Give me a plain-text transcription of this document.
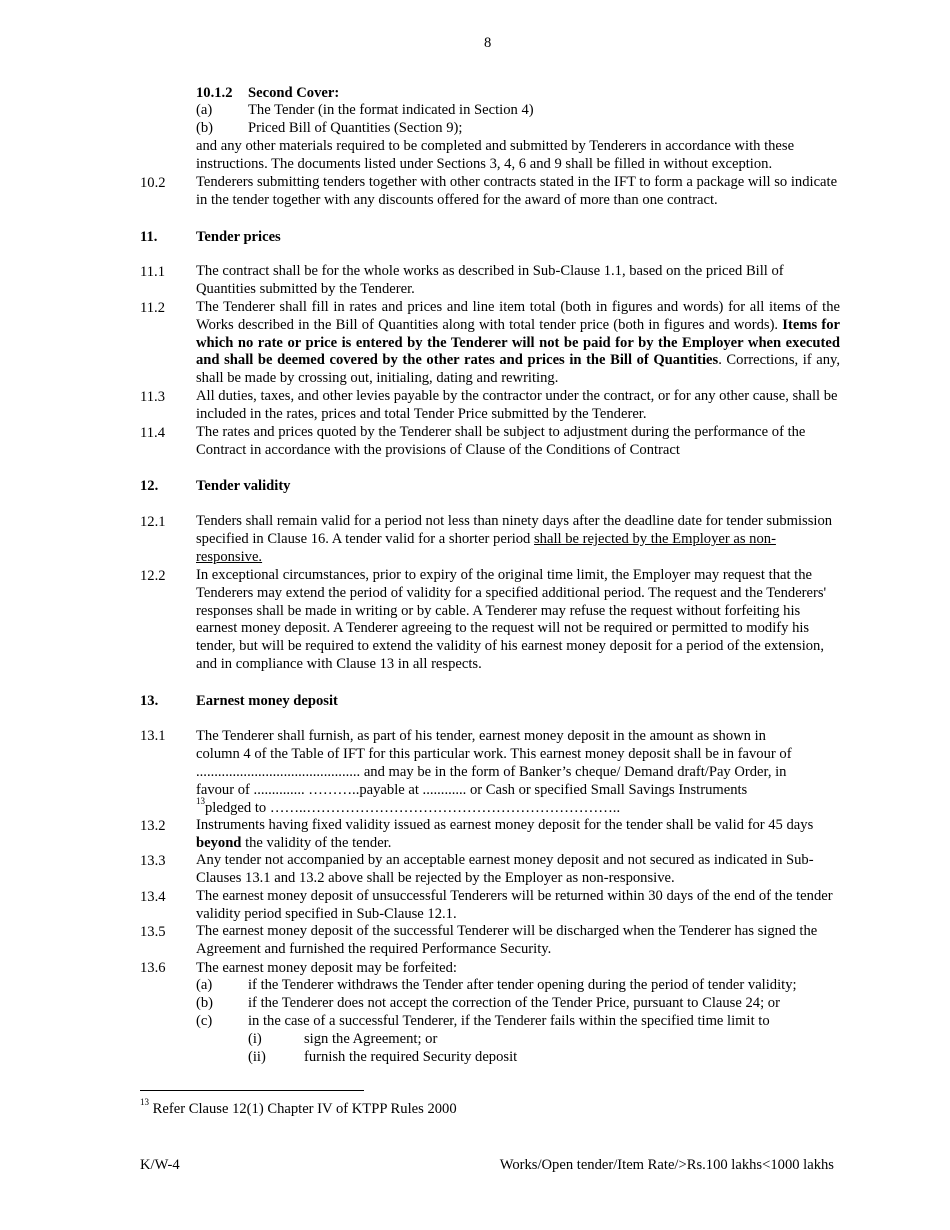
8
10.1.2 Second Cover:
(a) The Tender (in the format indicated in Section 4)
(b) Priced Bill of Quantities (Section 9);
and any other materials required to be completed and submitted by Tenderers in accordance with these instructions. The documents listed under Sections 3, 4, 6 and 9 shall be filled in without exception.
10.2 Tenderers submitting tenders together with other contracts stated in the IFT to form a package will so indicate in the tender together with any discounts offered for the award of more than one contract.
11.	Tender prices
11.1 The contract shall be for the whole works as described in Sub-Clause 1.1, based on the priced Bill of Quantities submitted by the Tenderer.
11.2 The Tenderer shall fill in rates and prices and line item total (both in figures and words) for all items of the Works described in the Bill of Quantities along with total tender price (both in figures and words). Items for which no rate or price is entered by the Tenderer will not be paid for by the Employer when executed and shall be deemed covered by the other rates and prices in the Bill of Quantities. Corrections, if any, shall be made by crossing out, initialing, dating and rewriting.
11.3 All duties, taxes, and other levies payable by the contractor under the contract, or for any other cause, shall be included in the rates, prices and total Tender Price submitted by the Tenderer.
11.4 The rates and prices quoted by the Tenderer shall be subject to adjustment during the performance of the Contract in accordance with the provisions of Clause of the Conditions of Contract
12.	Tender validity
12.1 Tenders shall remain valid for a period not less than ninety days after the deadline date for tender submission specified in Clause 16. A tender valid for a shorter period shall be rejected by the Employer as non-responsive.
12.2 In exceptional circumstances, prior to expiry of the original time limit, the Employer may request that the Tenderers may extend the period of validity for a specified additional period. The request and the Tenderers' responses shall be made in writing or by cable. A Tenderer may refuse the request without forfeiting his earnest money deposit. A Tenderer agreeing to the request will not be required or permitted to modify his tender, but will be required to extend the validity of his earnest money deposit for a period of the extension, and in compliance with Clause 13 in all respects.
13.	Earnest money deposit
13.1 The Tenderer shall furnish, as part of his tender, earnest money deposit in the amount as shown in
column 4 of the Table of IFT for this particular work. This earnest money deposit shall be in favour of
............................................. and may be in the form of Banker’s cheque/ Demand draft/Pay Order, in
favour of .............. ………..payable at ............ or Cash or specified Small Savings Instruments
$^{13}$pledged to ……..………………………………………………………..
13.2 Instruments having fixed validity issued as earnest money deposit for the tender shall be valid for 45 days beyond the validity of the tender.
13.3 Any tender not accompanied by an acceptable earnest money deposit and not secured as indicated in Sub-Clauses 13.1 and 13.2 above shall be rejected by the Employer as non-responsive.
13.4 The earnest money deposit of unsuccessful Tenderers will be returned within 30 days of the end of the tender validity period specified in Sub-Clause 12.1.
13.5 The earnest money deposit of the successful Tenderer will be discharged when the Tenderer has signed the Agreement and furnished the required Performance Security.
13.6 The earnest money deposit may be forfeited:
(a) if the Tenderer withdraws the Tender after tender opening during the period of tender validity;
(b) if the Tenderer does not accept the correction of the Tender Price, pursuant to Clause 24; or
(c) in the case of a successful Tenderer, if the Tenderer fails within the specified time limit to
(i)	sign the Agreement; or
(ii)	furnish the required Security deposit
$^{13}$ Refer Clause 12(1) Chapter IV of KTPP Rules 2000
K/W-4	Works/Open tender/Item Rate/>Rs.100 lakhs<1000 lakhs
